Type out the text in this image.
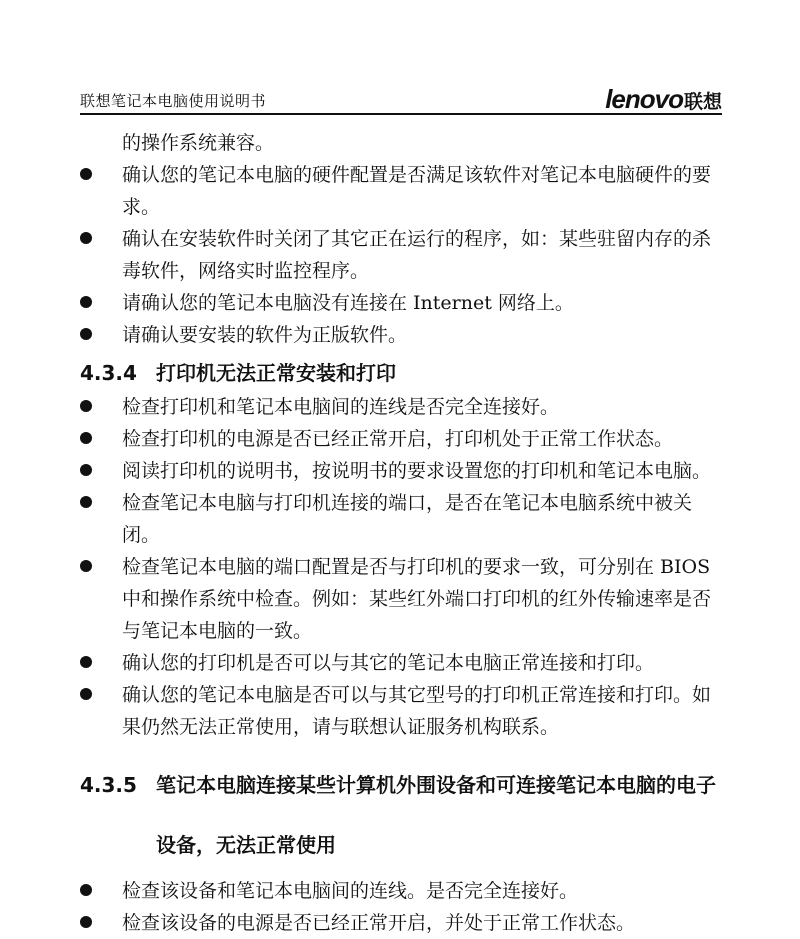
联想笔记本电脑使用说明书	lenovo 联想
的操作系统兼容。
确认您的笔记本电脑的硬件配置是否满足该软件对笔记本电脑硬件的要求。
确认在安装软件时关闭了其它正在运行的程序，如：某些驻留内存的杀毒软件，网络实时监控程序。
请确认您的笔记本电脑没有连接在 Internet 网络上。
请确认要安装的软件为正版软件。
4.3.4 打印机无法正常安装和打印
检查打印机和笔记本电脑间的连线是否完全连接好。
检查打印机的电源是否已经正常开启，打印机处于正常工作状态。
阅读打印机的说明书，按说明书的要求设置您的打印机和笔记本电脑。
检查笔记本电脑与打印机连接的端口，是否在笔记本电脑系统中被关闭。
检查笔记本电脑的端口配置是否与打印机的要求一致，可分别在 BIOS 中和操作系统中检查。例如：某些红外端口打印机的红外传输速率是否与笔记本电脑的一致。
确认您的打印机是否可以与其它的笔记本电脑正常连接和打印。
确认您的笔记本电脑是否可以与其它型号的打印机正常连接和打印。如果仍然无法正常使用，请与联想认证服务机构联系。
4.3.5 笔记本电脑连接某些计算机外围设备和可连接笔记本电脑的电子设备，无法正常使用
检查该设备和笔记本电脑间的连线。是否完全连接好。
检查该设备的电源是否已经正常开启，并处于正常工作状态。
